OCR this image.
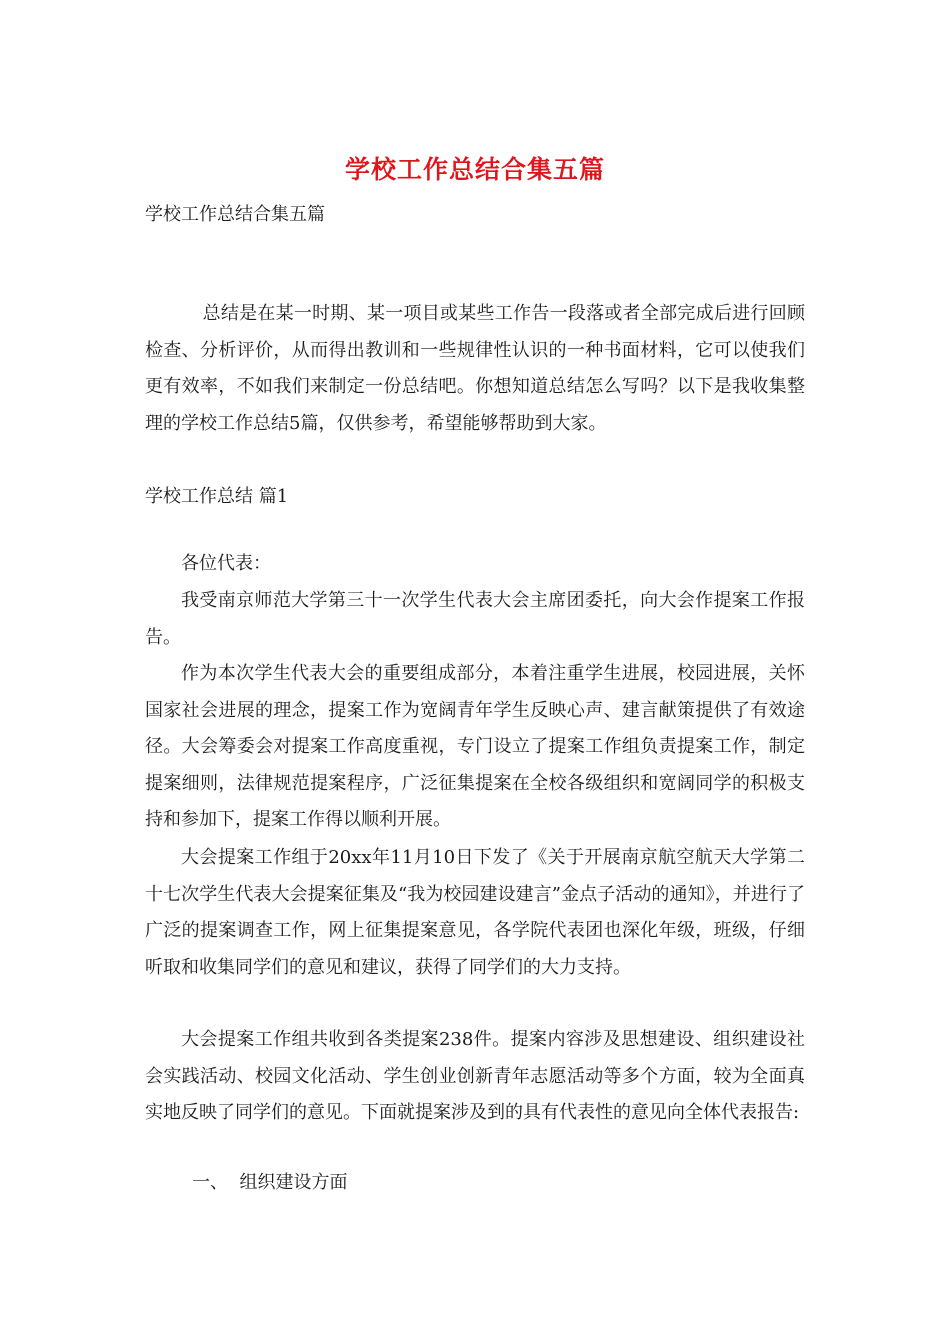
学校工作总结合集五篇
学校工作总结合集五篇

总结是在某一时期、某一项目或某些工作告一段落或者全部完成后进行回顾检查、分析评价，从而得出教训和一些规律性认识的一种书面材料，它可以使我们更有效率，不如我们来制定一份总结吧。你想知道总结怎么写吗？以下是我收集整理的学校工作总结5篇，仅供参考，希望能够帮助到大家。

学校工作总结 篇1

各位代表：

我受南京师范大学第三十一次学生代表大会主席团委托，向大会作提案工作报告。

作为本次学生代表大会的重要组成部分，本着注重学生进展，校园进展，关怀国家社会进展的理念，提案工作为宽阔青年学生反映心声、建言献策提供了有效途径。大会筹委会对提案工作高度重视，专门设立了提案工作组负责提案工作，制定提案细则，法律规范提案程序，广泛征集提案在全校各级组织和宽阔同学的积极支持和参加下，提案工作得以顺利开展。

大会提案工作组于20xx年11月10日下发了《关于开展南京航空航天大学第二十七次学生代表大会提案征集及“我为校园建设建言”金点子活动的通知》，并进行了广泛的提案调查工作，网上征集提案意见，各学院代表团也深化年级，班级，仔细听取和收集同学们的意见和建议，获得了同学们的大力支持。

大会提案工作组共收到各类提案238件。提案内容涉及思想建设、组织建设社会实践活动、校园文化活动、学生创业创新青年志愿活动等多个方面，较为全面真实地反映了同学们的意见。下面就提案涉及到的具有代表性的意见向全体代表报告:

一、  组织建设方面
